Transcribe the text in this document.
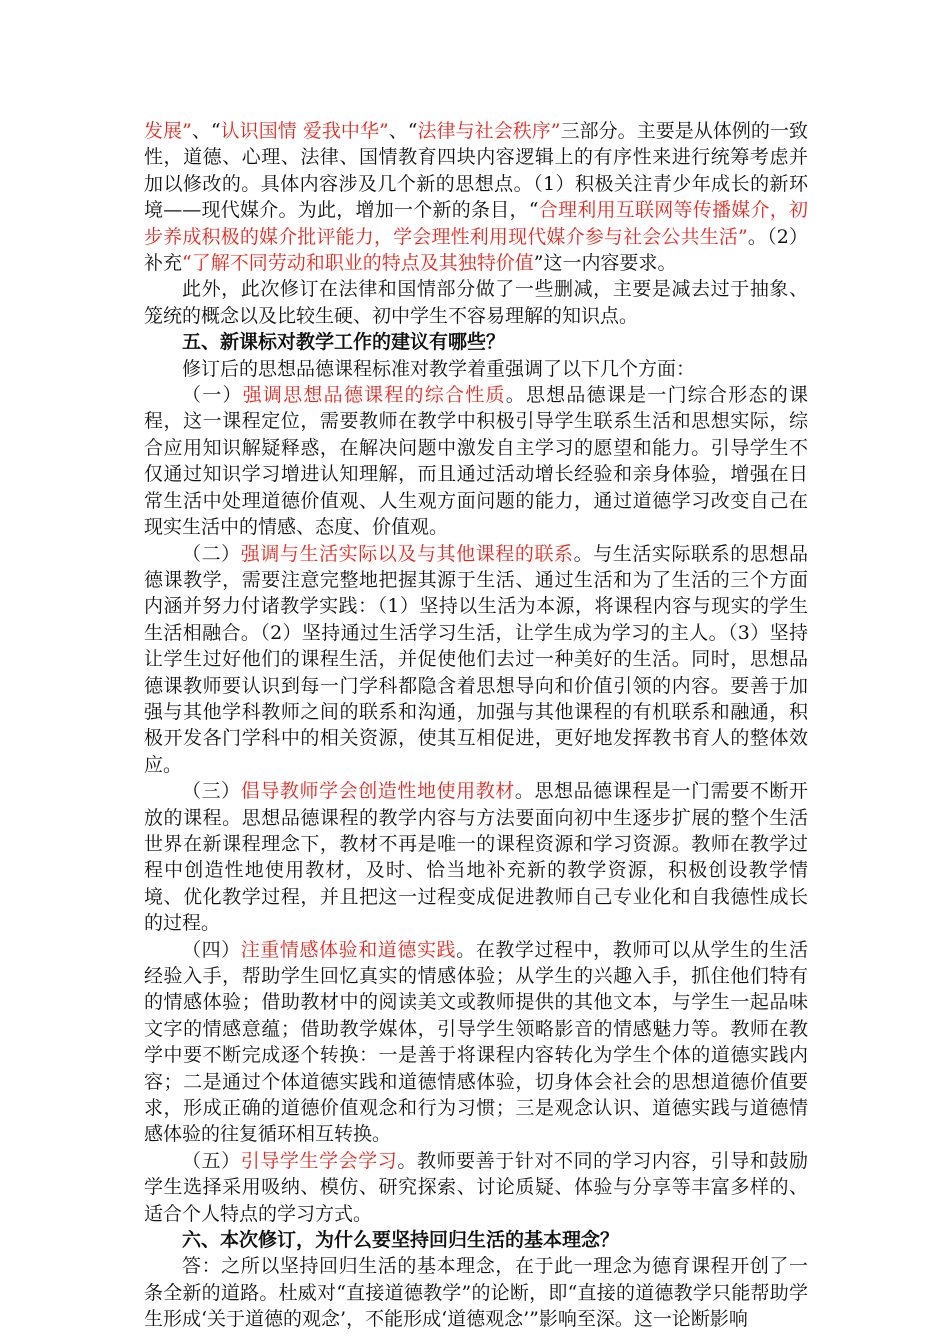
发展”、“认识国情 爱我中华”、“法律与社会秩序”三部分。主要是从体例的一致性，道德、心理、法律、国情教育四块内容逻辑上的有序性来进行统筹考虑并加以修改的。具体内容涉及几个新的思想点。（1）积极关注青少年成长的新环境——现代媒介。为此，增加一个新的条目，“合理利用互联网等传播媒介，初步养成积极的媒介批评能力，学会理性利用现代媒介参与社会公共生活”。（2）补充“了解不同劳动和职业的特点及其独特价值”这一内容要求。

此外，此次修订在法律和国情部分做了一些删减，主要是减去过于抽象、笼统的概念以及比较生硬、初中学生不容易理解的知识点。

五、新课标对教学工作的建议有哪些？

修订后的思想品德课程标准对教学着重强调了以下几个方面：

（一）强调思想品德课程的综合性质。思想品德课是一门综合形态的课程，这一课程定位，需要教师在教学中积极引导学生联系生活和思想实际，综合应用知识解疑释惑，在解决问题中激发自主学习的愿望和能力。引导学生不仅通过知识学习增进认知理解，而且通过活动增长经验和亲身体验，增强在日常生活中处理道德价值观、人生观方面问题的能力，通过道德学习改变自己在现实生活中的情感、态度、价值观。

（二）强调与生活实际以及与其他课程的联系。与生活实际联系的思想品德课教学，需要注意完整地把握其源于生活、通过生活和为了生活的三个方面内涵并努力付诸教学实践：（1）坚持以生活为本源，将课程内容与现实的学生生活相融合。（2）坚持通过生活学习生活，让学生成为学习的主人。（3）坚持让学生过好他们的课程生活，并促使他们去过一种美好的生活。同时，思想品德课教师要认识到每一门学科都隐含着思想导向和价值引领的内容。要善于加强与其他学科教师之间的联系和沟通，加强与其他课程的有机联系和融通，积极开发各门学科中的相关资源，使其互相促进，更好地发挥教书育人的整体效应。

（三）倡导教师学会创造性地使用教材。思想品德课程是一门需要不断开放的课程。思想品德课程的教学内容与方法要面向初中生逐步扩展的整个生活世界在新课程理念下，教材不再是唯一的课程资源和学习资源。教师在教学过程中创造性地使用教材，及时、恰当地补充新的教学资源，积极创设教学情境、优化教学过程，并且把这一过程变成促进教师自己专业化和自我德性成长的过程。

（四）注重情感体验和道德实践。在教学过程中，教师可以从学生的生活经验入手，帮助学生回忆真实的情感体验；从学生的兴趣入手，抓住他们特有的情感体验；借助教材中的阅读美文或教师提供的其他文本，与学生一起品味文字的情感意蕴；借助教学媒体，引导学生领略影音的情感魅力等。教师在教学中要不断完成逐个转换：一是善于将课程内容转化为学生个体的道德实践内容；二是通过个体道德实践和道德情感体验，切身体会社会的思想道德价值要求，形成正确的道德价值观念和行为习惯；三是观念认识、道德实践与道德情感体验的往复循环相互转换。

（五）引导学生学会学习。教师要善于针对不同的学习内容，引导和鼓励学生选择采用吸纳、模仿、研究探索、讨论质疑、体验与分享等丰富多样的、适合个人特点的学习方式。

六、本次修订，为什么要坚持回归生活的基本理念？

答：之所以坚持回归生活的基本理念，在于此一理念为德育课程开创了一条全新的道路。杜威对“直接道德教学”的论断，即“直接的道德教学只能帮助学生形成‘关于道德的观念’，不能形成‘道德观念’”影响至深。这一论断影响
